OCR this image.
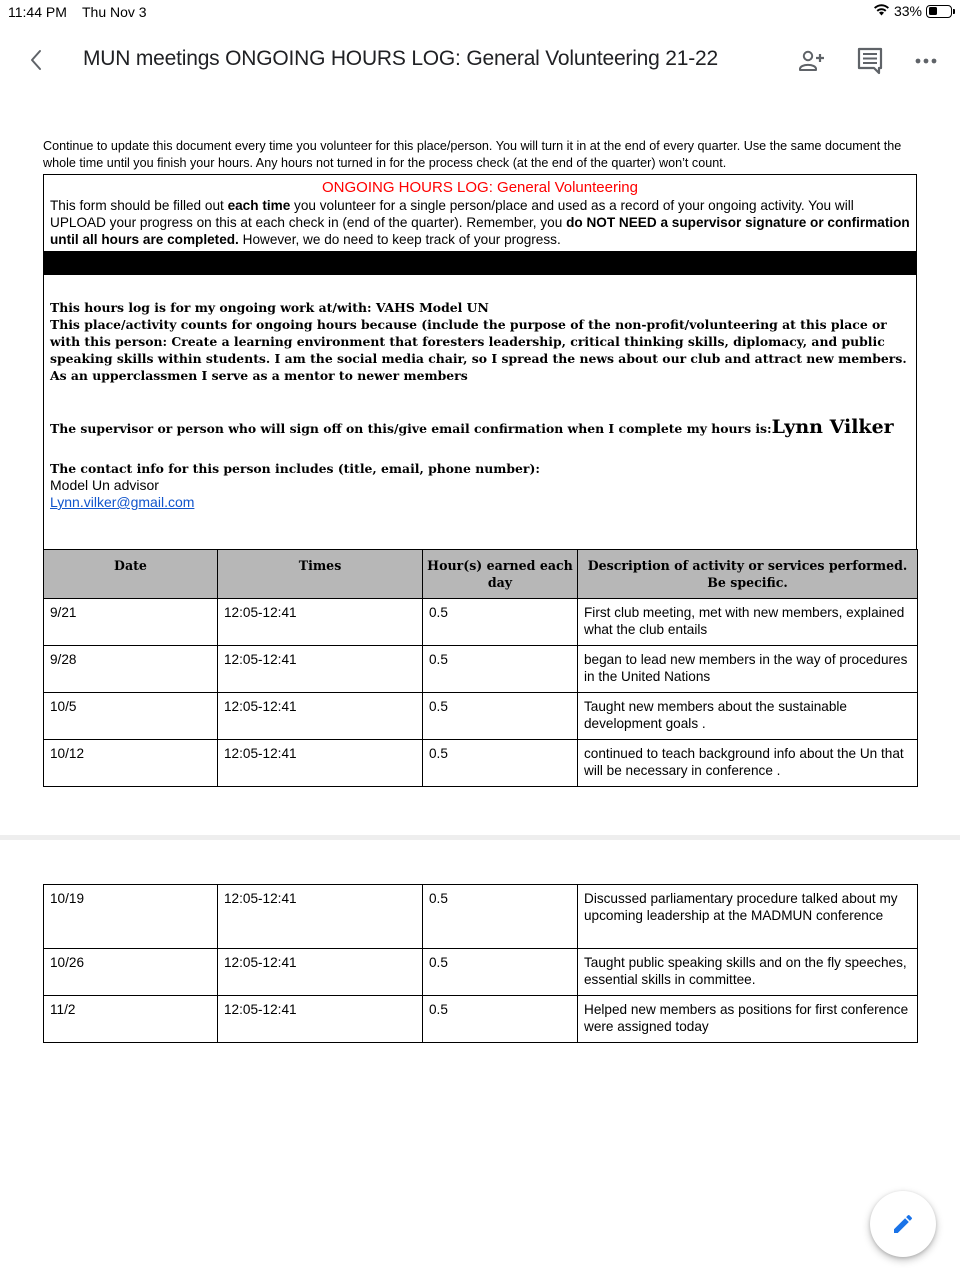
11:44 PM Thu Nov 3	33%
MUN meetings ONGOING HOURS LOG: General Volunteering 21-22
Continue to update this document every time you volunteer for this place/person. You will turn it in at the end of every quarter. Use the same document the whole time until you finish your hours. Any hours not turned in for the process check (at the end of the quarter) won’t count.
ONGOING HOURS LOG: General Volunteering
This form should be filled out each time you volunteer for a single person/place and used as a record of your ongoing activity. You will UPLOAD your progress on this at each check in (end of the quarter). Remember, you do NOT NEED a supervisor signature or confirmation until all hours are completed. However, we do need to keep track of your progress.
This hours log is for my ongoing work at/with: VAHS Model UN
This place/activity counts for ongoing hours because (include the purpose of the non-profit/volunteering at this place or with this person: Create a learning environment that foresters leadership, critical thinking skills, diplomacy, and public speaking skills within students. I am the social media chair, so I spread the news about our club and attract new members. As an upperclassmen I serve as a mentor to newer members
The supervisor or person who will sign off on this/give email confirmation when I complete my hours is:Lynn Vilker
The contact info for this person includes (title, email, phone number):
Model Un advisor
Lynn.vilker@gmail.com
Date	Times	Hour(s) earned each day	Description of activity or services performed. Be specific.
9/21	12:05-12:41	0.5	First club meeting, met with new members, explained what the club entails
9/28	12:05-12:41	0.5	began to lead new members in the way of procedures in the United Nations
10/5	12:05-12:41	0.5	Taught new members about the sustainable development goals .
10/12	12:05-12:41	0.5	continued to teach background info about the Un that will be necessary in conference .
10/19	12:05-12:41	0.5	Discussed parliamentary procedure talked about my upcoming leadership at the MADMUN conference
10/26	12:05-12:41	0.5	Taught public speaking skills and on the fly speeches, essential skills in committee.
11/2	12:05-12:41	0.5	Helped new members as positions for first conference were assigned today
